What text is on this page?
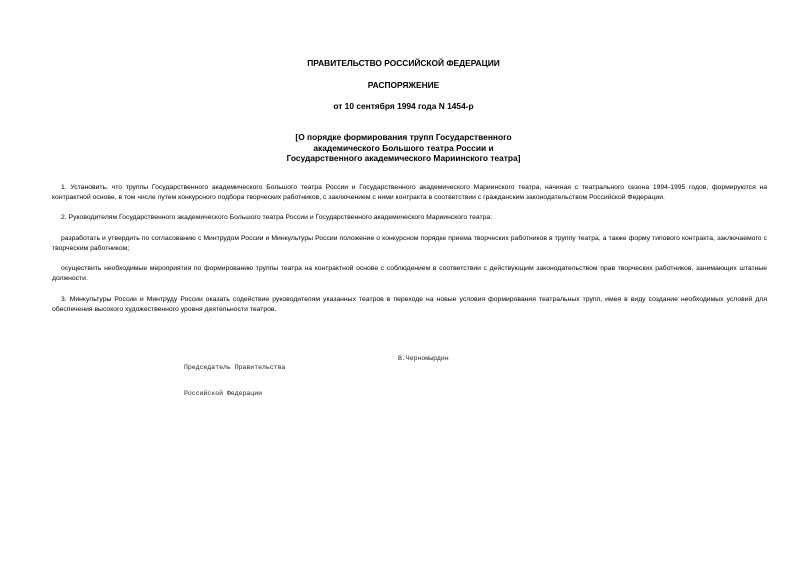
ПРАВИТЕЛЬСТВО РОССИЙСКОЙ ФЕДЕРАЦИИ
РАСПОРЯЖЕНИЕ
от 10 сентября 1994 года N 1454-р
[О порядке формирования трупп Государственного
академического Большого театра России и
Государственного академического Мариинского театра]
1. Установить, что труппы Государственного академического Большого театра России и Государственного академического Мариинского театра, начиная с театрального сезона 1994-1995 годов, формируются на контрактной основе, в том числе путем конкурсного подбора творческих работников, с заключением с ними контракта в соответствии с гражданским законодательством Российской Федерации.
2. Руководителям Государственного академического Большого театра России и Государственного академического Мариинского театра:
разработать и утвердить по согласованию с Минтрудом России и Минкультуры России положение о конкурсном порядке приема творческих работников в труппу театра, а также форму типового контракта, заключаемого с творческим работником;
осуществить необходимые мероприятия по формированию труппы театра на контрактной основе с соблюдением в соответствии с действующим законодательством прав творческих работников, занимающих штатные должности.
3. Минкультуры России и Минтруду России оказать содействие руководителям указанных театров в переходе на новые условия формирования театральных трупп, имея в виду создание необходимых условий для обеспечения высокого художественного уровня деятельности театров.

Председатель Правительства

Российской Федерации

В.Черномырдин
